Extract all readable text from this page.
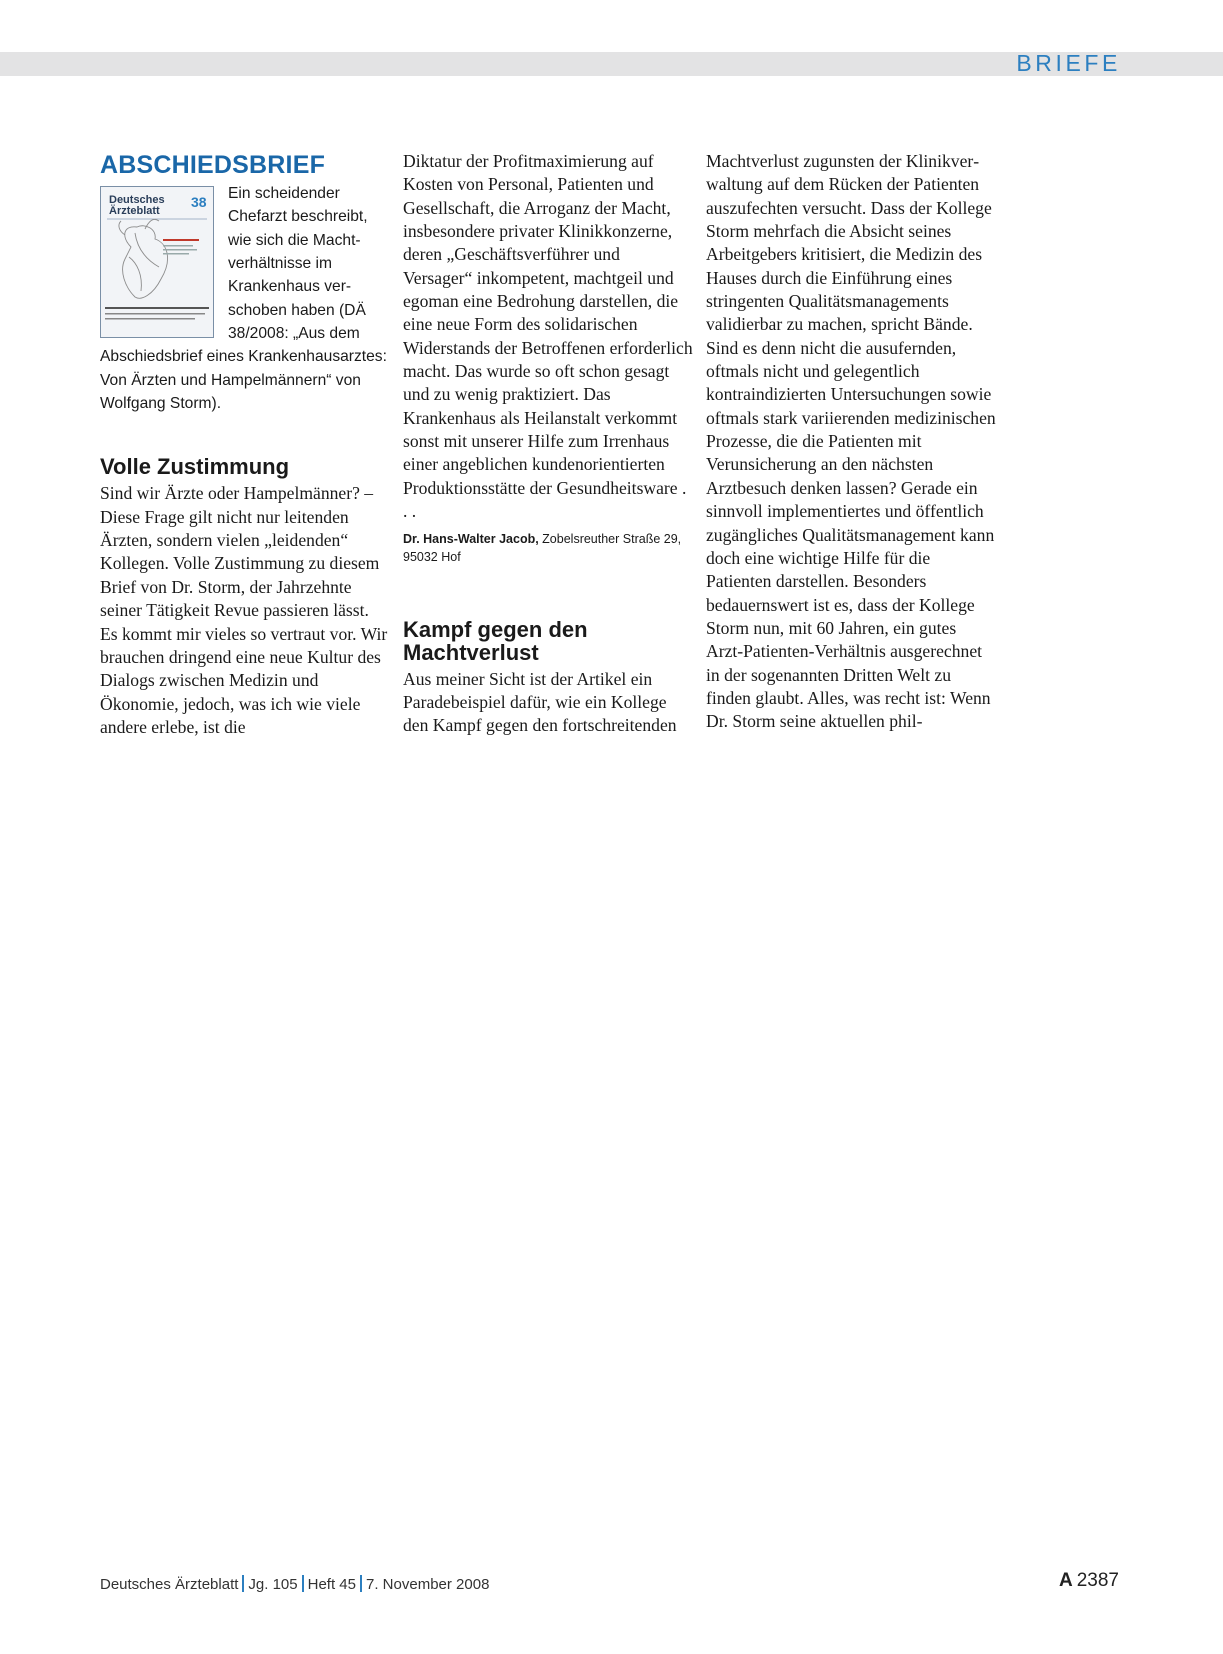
BRIEFE
ABSCHIEDSBRIEF
Deutsches
Ärzteblatt
38	Ein scheidender Chefarzt beschreibt, wie sich die Machtverhältnisse im Krankenhaus verschoben haben (DÄ 38/2008: „Aus dem Abschiedsbrief eines Krankenhausarztes: Von Ärzten und Hampelmännern“ von Wolfgang Storm).

Volle Zustimmung

Sind wir Ärzte oder Hampelmänner? – Diese Frage gilt nicht nur leitenden Ärzten, sondern vielen „leidenden“ Kollegen. Volle Zustimmung zu diesem Brief von Dr. Storm, der Jahrzehnte seiner Tätigkeit Revue passieren lässt. Es kommt mir vieles so vertraut vor. Wir brauchen dringend eine neue Kultur des Dialogs zwischen Medizin und Ökonomie, jedoch, was ich wie viele andere erlebe, ist die

Diktatur der Profitmaximierung auf Kosten von Personal, Patienten und Gesellschaft, die Arroganz der Macht, insbesondere privater Klinikkonzerne, deren „Geschäftsverführer und Versager“ inkompetent, machtgeil und egoman eine Bedrohung darstellen, die eine neue Form des solidarischen Widerstands der Betroffenen erforderlich macht. Das wurde so oft schon gesagt und zu wenig praktiziert. Das Krankenhaus als Heilanstalt verkommt sonst mit unserer Hilfe zum Irrenhaus einer angeblichen kundenorientierten Produktionsstätte der Gesundheitsware . . .

Dr. Hans-Walter Jacob, Zobelsreuther Straße 29, 95032 Hof

Kampf gegen den Machtverlust

Aus meiner Sicht ist der Artikel ein Paradebeispiel dafür, wie ein Kollege den Kampf gegen den fortschreitenden

Machtverlust zugunsten der Klinikverwaltung auf dem Rücken der Patienten auszufechten versucht. Dass der Kollege Storm mehrfach die Absicht seines Arbeitgebers kritisiert, die Medizin des Hauses durch die Einführung eines stringenten Qualitätsmanagements validierbar zu machen, spricht Bände. Sind es denn nicht die ausufernden, oftmals nicht und gelegentlich kontraindizierten Untersuchungen sowie oftmals stark variierenden medizinischen Prozesse, die die Patienten mit Verunsicherung an den nächsten Arztbesuch denken lassen? Gerade ein sinnvoll implementiertes und öffentlich zugängliches Qualitätsmanagement kann doch eine wichtige Hilfe für die Patienten darstellen. Besonders bedauernswert ist es, dass der Kollege Storm nun, mit 60 Jahren, ein gutes Arzt-Patienten-Verhältnis ausgerechnet in der sogenannten Dritten Welt zu finden glaubt. Alles, was recht ist: Wenn Dr. Storm seine aktuellen phil-

Deutsches Ärzteblatt Jg. 105 Heft 45 7. November 2008	A 2387
